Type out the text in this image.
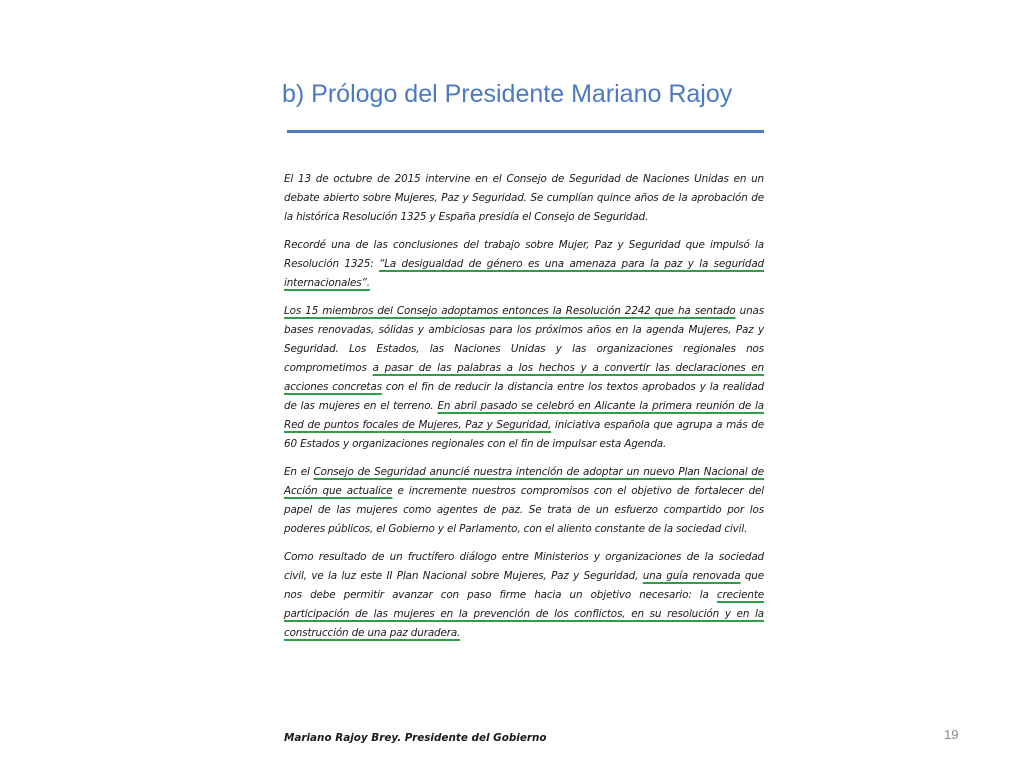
b) Prólogo del Presidente Mariano Rajoy

El 13 de octubre de 2015 intervine en el Consejo de Seguridad de Naciones Unidas en un debate abierto sobre Mujeres, Paz y Seguridad. Se cumplían quince años de la aprobación de la histórica Resolución 1325 y España presidía el Consejo de Seguridad.

Recordé una de las conclusiones del trabajo sobre Mujer, Paz y Seguridad que impulsó la Resolución 1325: “La desigualdad de género es una amenaza para la paz y la seguridad internacionales”.

Los 15 miembros del Consejo adoptamos entonces la Resolución 2242 que ha sentado unas bases renovadas, sólidas y ambiciosas para los próximos años en la agenda Mujeres, Paz y Seguridad. Los Estados, las Naciones Unidas y las organizaciones regionales nos comprometimos a pasar de las palabras a los hechos y a convertir las declaraciones en acciones concretas con el fin de reducir la distancia entre los textos aprobados y la realidad de las mujeres en el terreno. En abril pasado se celebró en Alicante la primera reunión de la Red de puntos focales de Mujeres, Paz y Seguridad, iniciativa española que agrupa a más de 60 Estados y organizaciones regionales con el fin de impulsar esta Agenda.

En el Consejo de Seguridad anuncié nuestra intención de adoptar un nuevo Plan Nacional de Acción que actualice e incremente nuestros compromisos con el objetivo de fortalecer del papel de las mujeres como agentes de paz. Se trata de un esfuerzo compartido por los poderes públicos, el Gobierno y el Parlamento, con el aliento constante de la sociedad civil.

Como resultado de un fructífero diálogo entre Ministerios y organizaciones de la sociedad civil, ve la luz este II Plan Nacional sobre Mujeres, Paz y Seguridad, una guía renovada que nos debe permitir avanzar con paso firme hacia un objetivo necesario: la creciente participación de las mujeres en la prevención de los conflictos, en su resolución y en la construcción de una paz duradera.

Mariano Rajoy Brey. Presidente del Gobierno	19
